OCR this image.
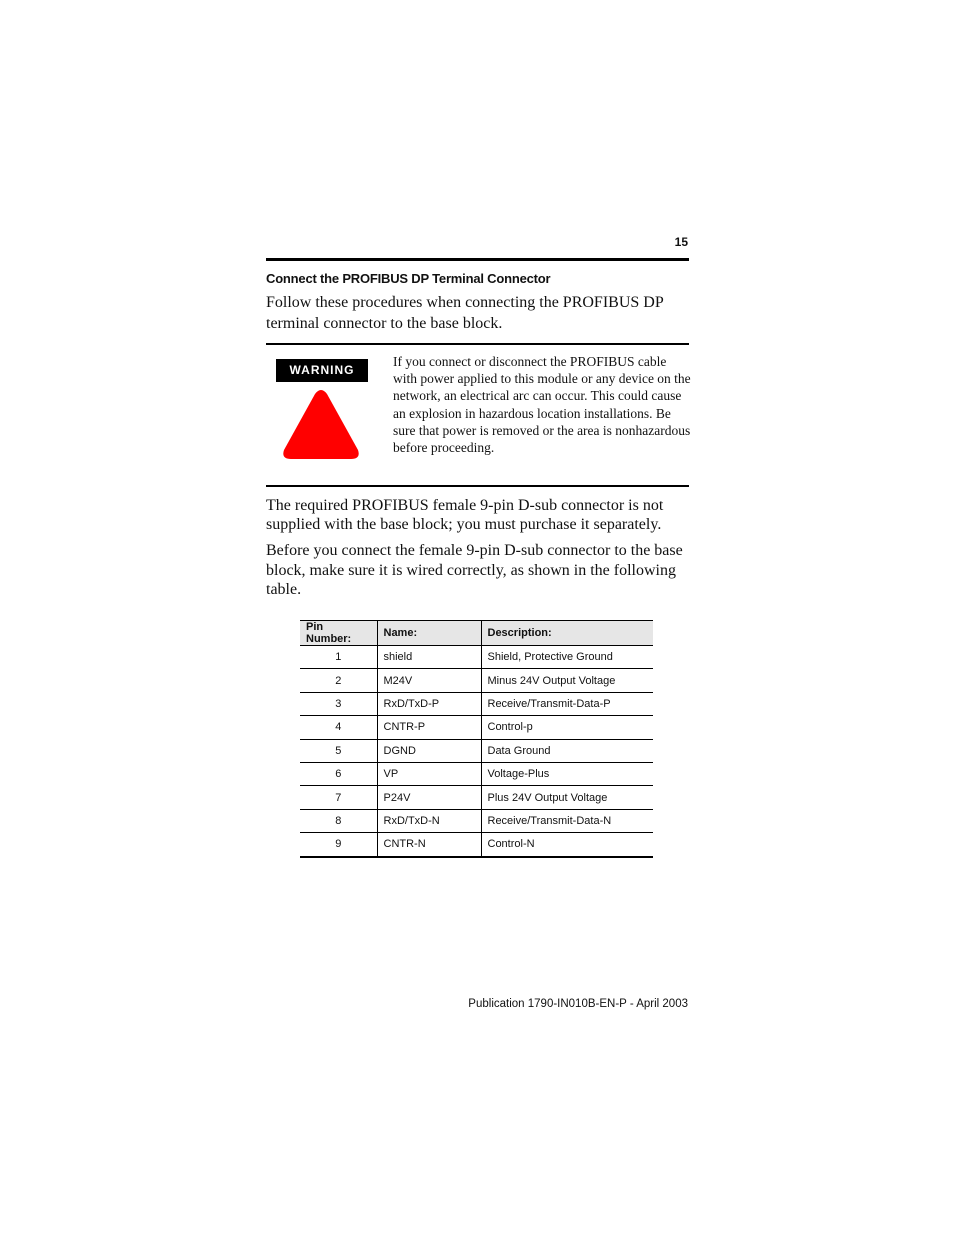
15
Connect the PROFIBUS DP Terminal Connector
Follow these procedures when connecting the PROFIBUS DP terminal connector to the base block.
WARNING
If you connect or disconnect the PROFIBUS cable with power applied to this module or any device on the network, an electrical arc can occur. This could cause an explosion in hazardous location installations. Be sure that power is removed or the area is nonhazardous before proceeding.
The required PROFIBUS female 9-pin D-sub connector is not supplied with the base block; you must purchase it separately.
Before you connect the female 9-pin D-sub connector to the base block, make sure it is wired correctly, as shown in the following table.
Pin Number:	Name:	Description:
1	shield	Shield, Protective Ground
2	M24V	Minus 24V Output Voltage
3	RxD/TxD-P	Receive/Transmit-Data-P
4	CNTR-P	Control-p
5	DGND	Data Ground
6	VP	Voltage-Plus
7	P24V	Plus 24V Output Voltage
8	RxD/TxD-N	Receive/Transmit-Data-N
9	CNTR-N	Control-N
Publication 1790-IN010B-EN-P - April 2003
